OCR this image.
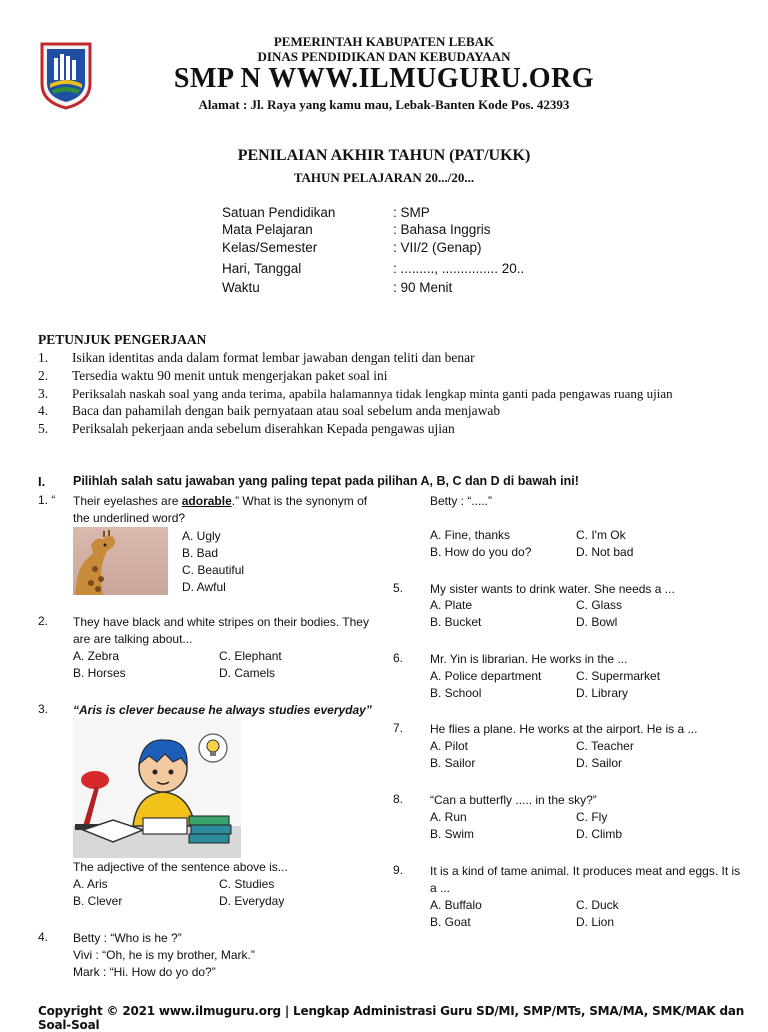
PEMERINTAH KABUPATEN LEBAK
DINAS PENDIDIKAN DAN KEBUDAYAAN
SMP N WWW.ILMUGURU.ORG
Alamat : Jl. Raya yang kamu mau, Lebak-Banten Kode Pos. 42393
PENILAIAN AKHIR TAHUN (PAT/UKK)
TAHUN PELAJARAN 20.../20...
Satuan Pendidikan	: SMP
Mata Pelajaran	: Bahasa Inggris
Kelas/Semester	: VII/2 (Genap)
Hari, Tanggal	: ........., ............... 20..
Waktu	: 90 Menit
PETUNJUK PENGERJAAN
1. Isikan identitas anda dalam format lembar jawaban dengan teliti dan benar
2. Tersedia waktu 90 menit untuk mengerjakan paket soal ini
3. Periksalah naskah soal yang anda terima, apabila halamannya tidak lengkap minta ganti pada pengawas ruang ujian
4. Baca dan pahamilah dengan baik pernyataan atau soal sebelum anda menjawab
5. Periksalah pekerjaan anda sebelum diserahkan Kepada pengawas ujian
I. Pilihlah salah satu jawaban yang paling tepat pada pilihan A, B, C dan D di bawah ini!
1. “ Their eyelashes are adorable.” What is the synonym of
the underlined word?
A. Ugly
B. Bad
C. Beautiful
D. Awful
2. They have black and white stripes on their bodies. They
are are talking about...
A. Zebra	C. Elephant
B. Horses	D. Camels
3. “Aris is clever because he always studies everyday”
The adjective of the sentence above is...
A. Aris	C. Studies
B. Clever	D. Everyday
4. Betty : “Who is he ?”
Vivi : “Oh, he is my brother, Mark.”
Mark : “Hi. How do yo do?”
Betty : “.....”
A. Fine, thanks	C. I'm Ok
B. How do you do?	D. Not bad
5. My sister wants to drink water. She needs a ...
A. Plate	C. Glass
B. Bucket	D. Bowl
6. Mr. Yin is librarian. He works in the ...
A. Police department	C. Supermarket
B. School	D. Library
7. He flies a plane. He works at the airport. He is a ...
A. Pilot	C. Teacher
B. Sailor	D. Sailor
8. “Can a butterfly ..... in the sky?”
A. Run	C. Fly
B. Swim	D. Climb
9. It is a kind of tame animal. It produces meat and eggs. It is
a ...
A. Buffalo	C. Duck
B. Goat	D. Lion
Copyright © 2021 www.ilmuguru.org | Lengkap Administrasi Guru SD/MI, SMP/MTs, SMA/MA, SMK/MAK dan Soal-Soal
